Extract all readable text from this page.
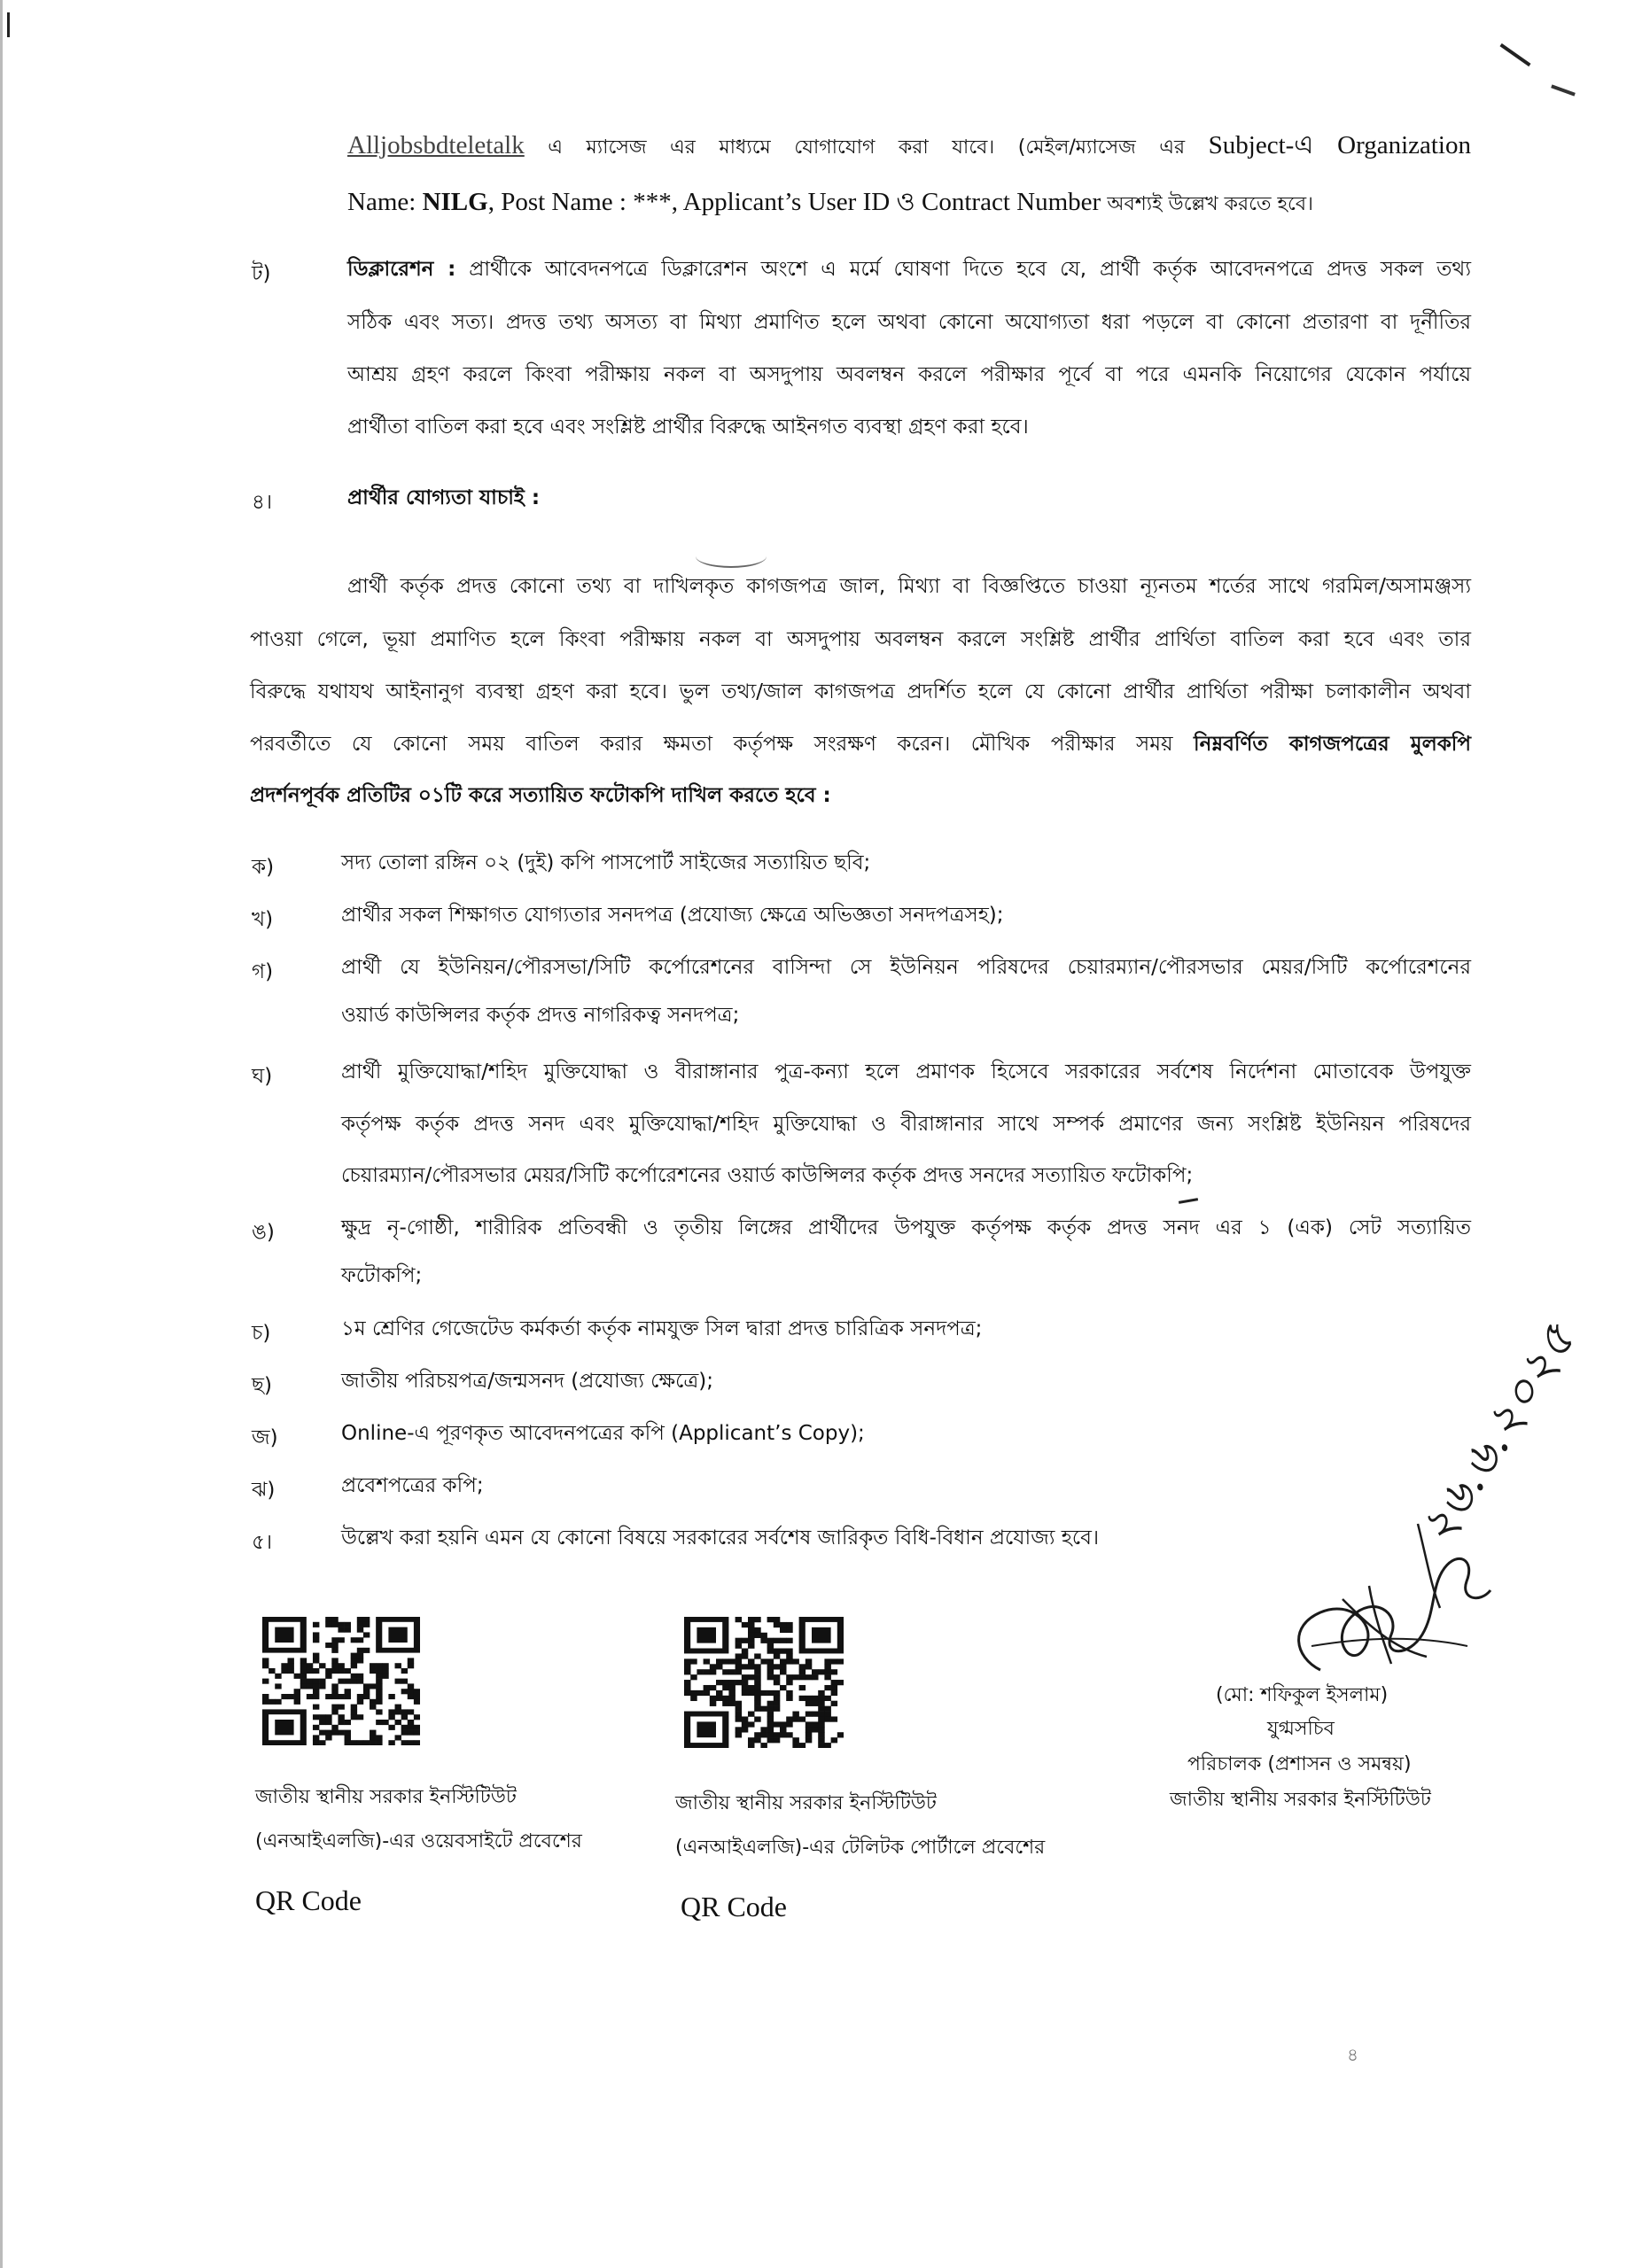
Alljobsbdteletalk এ ম্যাসেজ এর মাধ্যমে যোগাযোগ করা যাবে। (মেইল/ম্যাসেজ এর Subject-এ Organization
Name: NILG, Post Name : ***, Applicant’s User ID ও Contract Number অবশ্যই উল্লেখ করতে হবে।
ট)	ডিক্লারেশন : প্রার্থীকে আবেদনপত্রে ডিক্লারেশন অংশে এ মর্মে ঘোষণা দিতে হবে যে, প্রার্থী কর্তৃক আবেদনপত্রে প্রদত্ত সকল তথ্য
সঠিক এবং সত্য। প্রদত্ত তথ্য অসত্য বা মিথ্যা প্রমাণিত হলে অথবা কোনো অযোগ্যতা ধরা পড়লে বা কোনো প্রতারণা বা দূর্নীতির
আশ্রয় গ্রহণ করলে কিংবা পরীক্ষায় নকল বা অসদুপায় অবলম্বন করলে পরীক্ষার পূর্বে বা পরে এমনকি নিয়োগের যেকোন পর্যায়ে
প্রার্থীতা বাতিল করা হবে এবং সংশ্লিষ্ট প্রার্থীর বিরুদ্ধে আইনগত ব্যবস্থা গ্রহণ করা হবে।
৪।	প্রার্থীর যোগ্যতা যাচাই :
প্রার্থী কর্তৃক প্রদত্ত কোনো তথ্য বা দাখিলকৃত কাগজপত্র জাল, মিথ্যা বা বিজ্ঞপ্তিতে চাওয়া ন্যূনতম শর্তের সাথে গরমিল/অসামঞ্জস্য
পাওয়া গেলে, ভূয়া প্রমাণিত হলে কিংবা পরীক্ষায় নকল বা অসদুপায় অবলম্বন করলে সংশ্লিষ্ট প্রার্থীর প্রার্থিতা বাতিল করা হবে এবং তার
বিরুদ্ধে যথাযথ আইনানুগ ব্যবস্থা গ্রহণ করা হবে। ভুল তথ্য/জাল কাগজপত্র প্রদর্শিত হলে যে কোনো প্রার্থীর প্রার্থিতা পরীক্ষা চলাকালীন অথবা
পরবর্তীতে যে কোনো সময় বাতিল করার ক্ষমতা কর্তৃপক্ষ সংরক্ষণ করেন। মৌখিক পরীক্ষার সময় নিম্নবর্ণিত কাগজপত্রের মুলকপি
প্রদর্শনপূর্বক প্রতিটির ০১টি করে সত্যায়িত ফটোকপি দাখিল করতে হবে :
ক)	সদ্য তোলা রঙ্গিন ০২ (দুই) কপি পাসপোর্ট সাইজের সত্যায়িত ছবি;
খ)	প্রার্থীর সকল শিক্ষাগত যোগ্যতার সনদপত্র (প্রযোজ্য ক্ষেত্রে অভিজ্ঞতা সনদপত্রসহ);
গ)	প্রার্থী যে ইউনিয়ন/পৌরসভা/সিটি কর্পোরেশনের বাসিন্দা সে ইউনিয়ন পরিষদের চেয়ারম্যান/পৌরসভার মেয়র/সিটি কর্পোরেশনের
ওয়ার্ড কাউন্সিলর কর্তৃক প্রদত্ত নাগরিকত্ব সনদপত্র;
ঘ)	প্রার্থী মুক্তিযোদ্ধা/শহিদ মুক্তিযোদ্ধা ও বীরাঙ্গানার পুত্র-কন্যা হলে প্রমাণক হিসেবে সরকারের সর্বশেষ নির্দেশনা মোতাবেক উপযুক্ত
কর্তৃপক্ষ কর্তৃক প্রদত্ত সনদ এবং মুক্তিযোদ্ধা/শহিদ মুক্তিযোদ্ধা ও বীরাঙ্গানার সাথে সম্পর্ক প্রমাণের জন্য সংশ্লিষ্ট ইউনিয়ন পরিষদের
চেয়ারম্যান/পৌরসভার মেয়র/সিটি কর্পোরেশনের ওয়ার্ড কাউন্সিলর কর্তৃক প্রদত্ত সনদের সত্যায়িত ফটোকপি;
ঙ)	ক্ষুদ্র নৃ-গোষ্ঠী, শারীরিক প্রতিবন্ধী ও তৃতীয় লিঙ্গের প্রার্থীদের উপযুক্ত কর্তৃপক্ষ কর্তৃক প্রদত্ত সনদ এর ১ (এক) সেট সত্যায়িত
ফটোকপি;
চ)	১ম শ্রেণির গেজেটেড কর্মকর্তা কর্তৃক নামযুক্ত সিল দ্বারা প্রদত্ত চারিত্রিক সনদপত্র;
ছ)	জাতীয় পরিচয়পত্র/জন্মসনদ (প্রযোজ্য ক্ষেত্রে);
জ)	Online-এ পূরণকৃত আবেদনপত্রের কপি (Applicant’s Copy);
ঝ)	প্রবেশপত্রের কপি;
৫।	উল্লেখ করা হয়নি এমন যে কোনো বিষয়ে সরকারের সর্বশেষ জারিকৃত বিধি-বিধান প্রযোজ্য হবে।
জাতীয় স্থানীয় সরকার ইনস্টিটিউট
(এনআইএলজি)-এর ওয়েবসাইটে প্রবেশের
QR Code
জাতীয় স্থানীয় সরকার ইনস্টিটিউট
(এনআইএলজি)-এর টেলিটক পোর্টালে প্রবেশের
QR Code
২৬.৬.২০২৫
(মো: শফিকুল ইসলাম)
যুগ্মসচিব
পরিচালক (প্রশাসন ও সমন্বয়)
জাতীয় স্থানীয় সরকার ইনস্টিটিউট
৪
